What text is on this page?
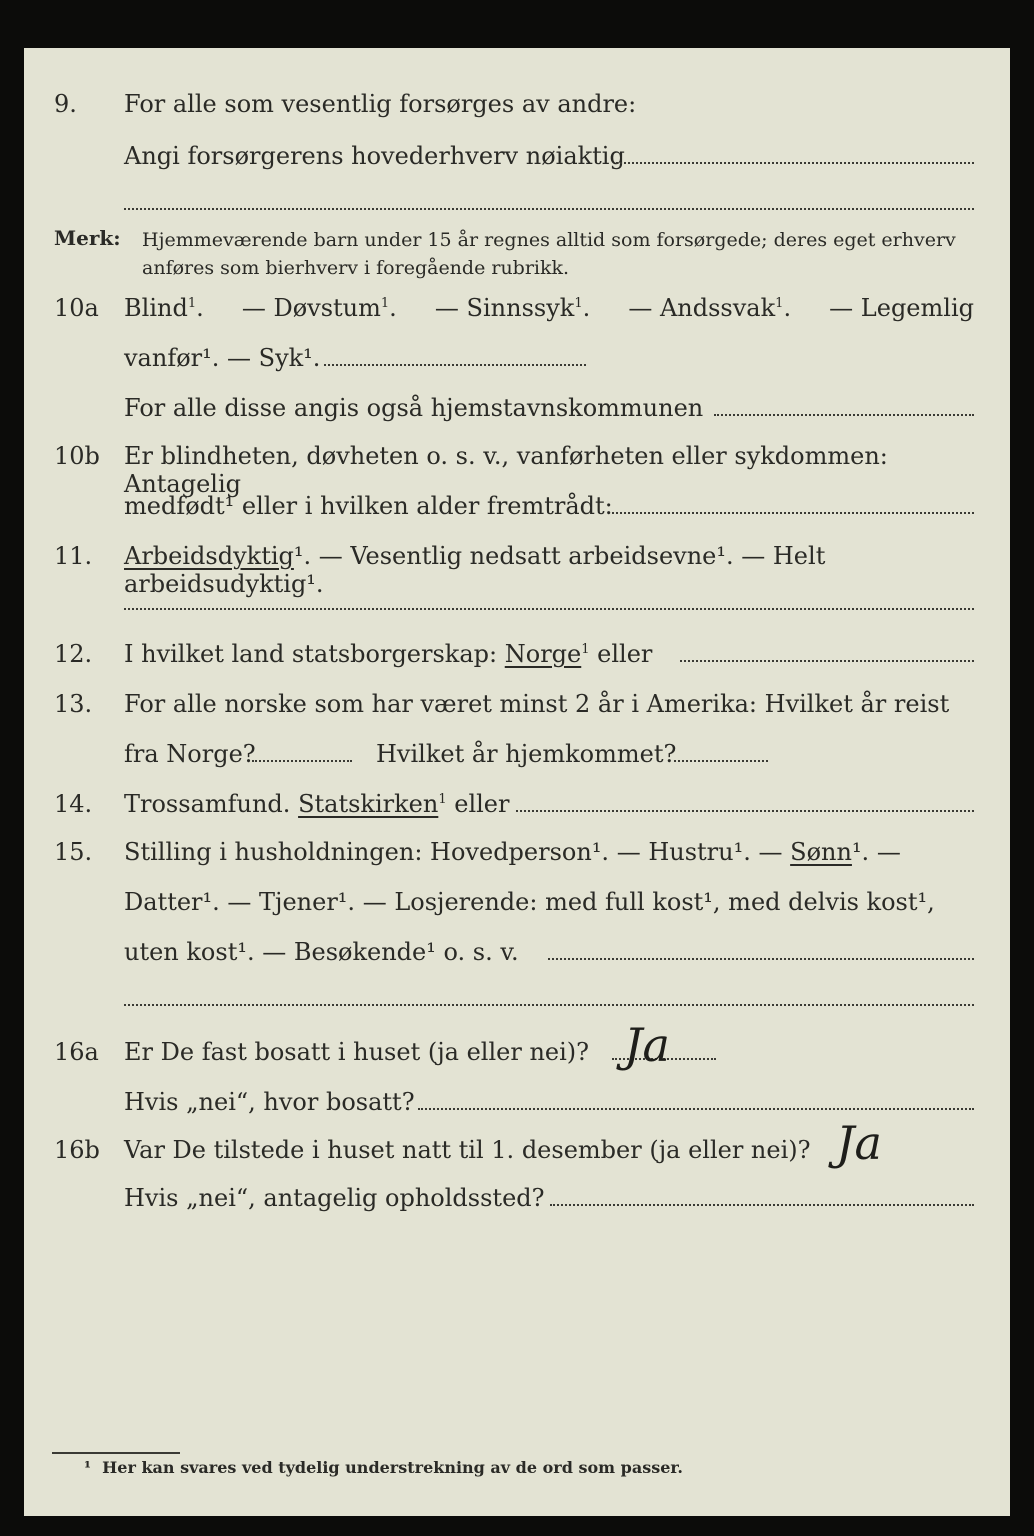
9. For alle som vesentlig forsørges av andre:
Angi forsørgerens hovederhverv nøiaktig
Merk: Hjemmeværende barn under 15 år regnes alltid som forsørgede; deres eget erhverv
anføres som bierhverv i foregående rubrikk.
10a Blind$^1$. — Døvstum$^1$. — Sinnssyk$^1$. — Andssvak$^1$. — Legemlig
vanfør¹. — Syk¹.
For alle disse angis også hjemstavnskommunen
10b Er blindheten, døvheten o. s. v., vanførheten eller sykdommen: Antagelig
medfødt¹ eller i hvilken alder fremtrådt:
11. Arbeidsdyktig¹. — Vesentlig nedsatt arbeidsevne¹. — Helt arbeidsudyktig¹.
12. I hvilket land statsborgerskap: Norge$^1$ eller
13. For alle norske som har været minst 2 år i Amerika: Hvilket år reist
fra Norge?	Hvilket år hjemkommet?
14. Trossamfund. Statskirken$^1$ eller
15. Stilling i husholdningen: Hovedperson¹. — Hustru¹. — Sønn¹. —
Datter¹. — Tjener¹. — Losjerende: med full kost¹, med delvis kost¹,
uten kost¹. — Besøkende¹ o. s. v.
16a Er De fast bosatt i huset (ja eller nei)? Ja
Hvis „nei“, hvor bosatt?
16b Var De tilstede i huset natt til 1. desember (ja eller nei)? Ja
Hvis „nei“, antagelig opholdssted?
¹ Her kan svares ved tydelig understrekning av de ord som passer.
